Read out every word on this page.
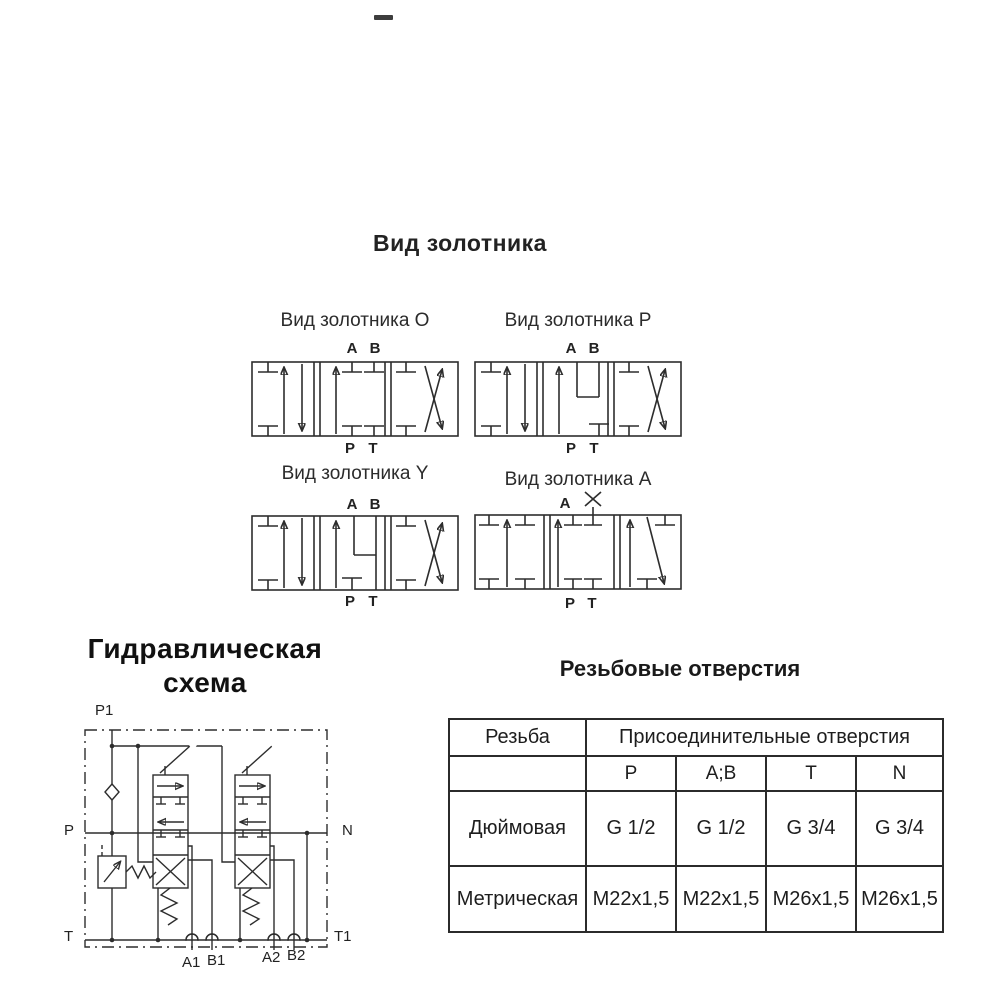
Вид золотника
Вид золотника O
A B
P T
Вид золотника P
A B
P T
Вид золотника Y
A B
P T
Вид золотника A
A
P T
Гидравлическая
схема
P1
P	N
T	T1
A1 B1 A2 B2
Резьбовые отверстия
Резьба	Присоединительные отверстия			
	P	A;B	T	N
Дюймовая	G 1/2	G 1/2	G 3/4	G 3/4
Метрическая	M22x1,5	M22x1,5	M26x1,5	M26x1,5
